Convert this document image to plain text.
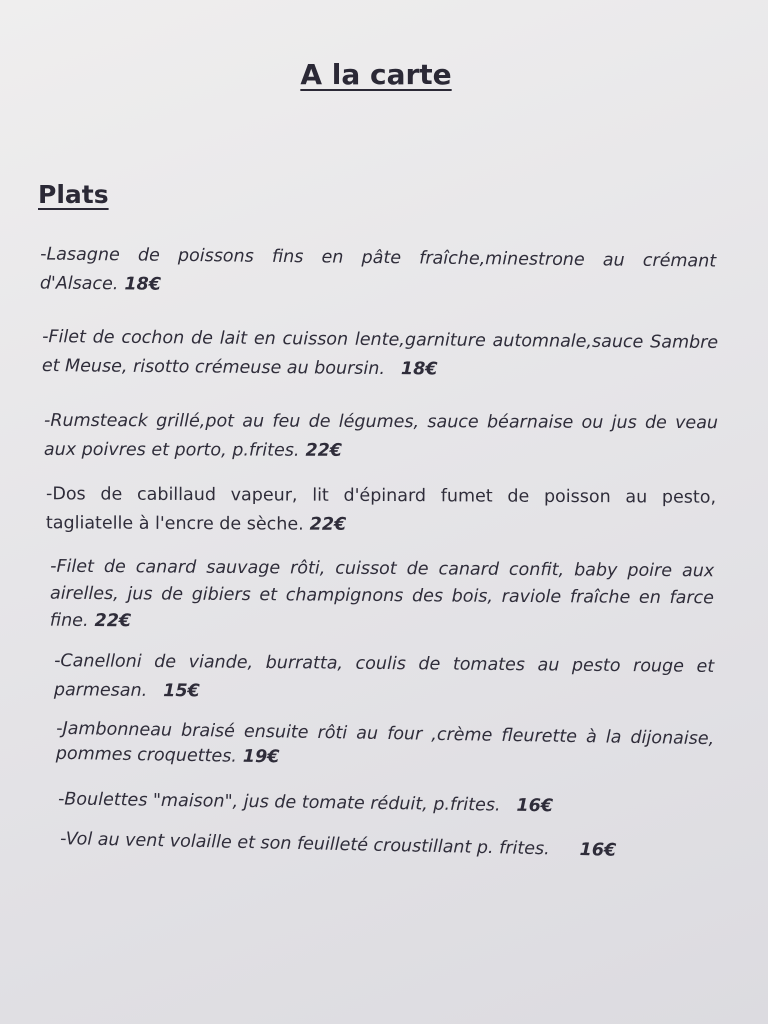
A la carte
Plats

-Lasagne de poissons fins en pâte fraîche,minestrone au crémant d'Alsace. 18€

-Filet de cochon de lait en cuisson lente,garniture automnale,sauce Sambre et Meuse, risotto crémeuse au boursin. 18€

-Rumsteack grillé,pot au feu de légumes, sauce béarnaise ou jus de veau aux poivres et porto, p.frites. 22€

-Dos de cabillaud vapeur, lit d'épinard fumet de poisson au pesto, tagliatelle à l'encre de sèche. 22€

-Filet de canard sauvage rôti, cuissot de canard confit, baby poire aux airelles, jus de gibiers et champignons des bois, raviole fraîche en farce fine. 22€

-Canelloni de viande, burratta, coulis de tomates au pesto rouge et parmesan. 15€

-Jambonneau braisé ensuite rôti au four ,crème fleurette à la dijonaise, pommes croquettes. 19€

-Boulettes "maison", jus de tomate réduit, p.frites. 16€

-Vol au vent volaille et son feuilleté croustillant p. frites. 16€
